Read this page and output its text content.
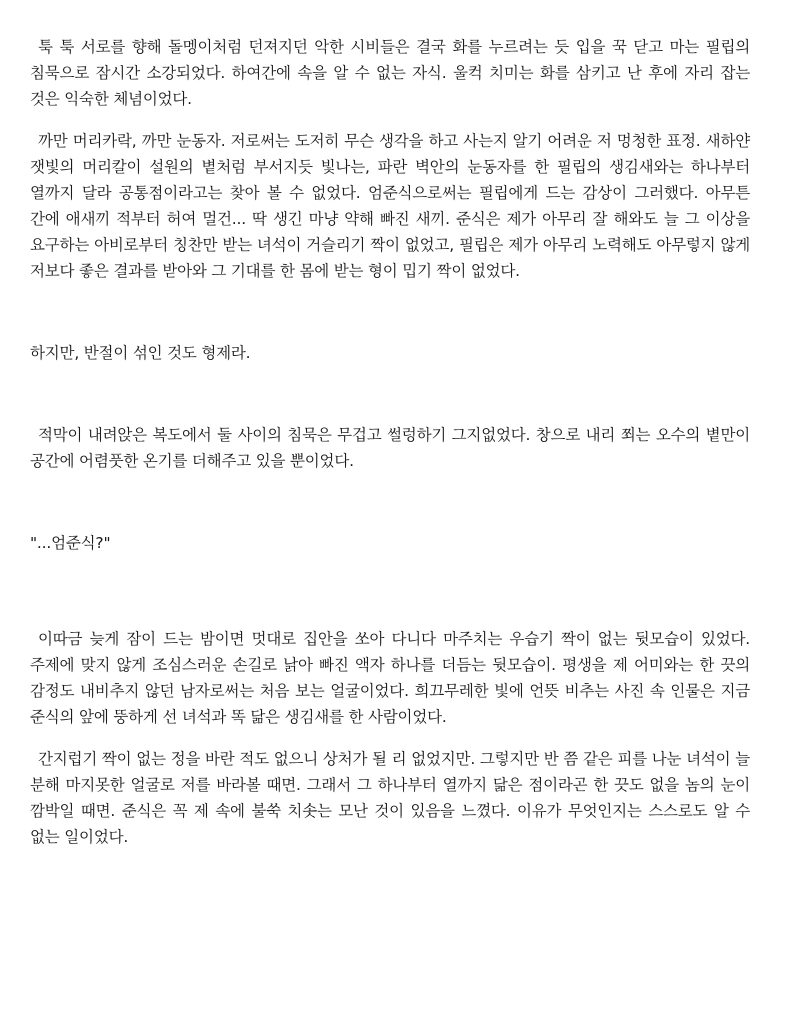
툭 툭 서로를 향해 돌멩이처럼 던져지던 악한 시비들은 결국 화를 누르려는 듯 입을 꾹 닫고 마는 필립의 침묵으로 잠시간 소강되었다. 하여간에 속을 알 수 없는 자식. 울컥 치미는 화를 삼키고 난 후에 자리 잡는 것은 익숙한 체념이었다.

까만 머리카락, 까만 눈동자. 저로써는 도저히 무슨 생각을 하고 사는지 알기 어려운 저 멍청한 표정. 새하얀 잿빛의 머리칼이 설원의 볕처럼 부서지듯 빛나는, 파란 벽안의 눈동자를 한 필립의 생김새와는 하나부터 열까지 달라 공통점이라고는 찾아 볼 수 없었다. 엄준식으로써는 필립에게 드는 감상이 그러했다. 아무튼 간에 애새끼 적부터 허여 멀건... 딱 생긴 마냥 약해 빠진 새끼. 준식은 제가 아무리 잘 해와도 늘 그 이상을 요구하는 아비로부터 칭찬만 받는 녀석이 거슬리기 짝이 없었고, 필립은 제가 아무리 노력해도 아무렇지 않게 저보다 좋은 결과를 받아와 그 기대를 한 몸에 받는 형이 밉기 짝이 없었다.

하지만, 반절이 섞인 것도 형제라.

적막이 내려앉은 복도에서 둘 사이의 침묵은 무겁고 썰렁하기 그지없었다. 창으로 내리 쬐는 오수의 볕만이 공간에 어렴풋한 온기를 더해주고 있을 뿐이었다.

"...엄준식?"

이따금 늦게 잠이 드는 밤이면 멋대로 집안을 쏘아 다니다 마주치는 우습기 짝이 없는 뒷모습이 있었다. 주제에 맞지 않게 조심스러운 손길로 낡아 빠진 액자 하나를 더듬는 뒷모습이. 평생을 제 어미와는 한 끗의 감정도 내비추지 않던 남자로써는 처음 보는 얼굴이었다. 희끄무레한 빛에 언뜻 비추는 사진 속 인물은 지금 준식의 앞에 뚱하게 선 녀석과 똑 닮은 생김새를 한 사람이었다.

간지럽기 짝이 없는 정을 바란 적도 없으니 상처가 될 리 없었지만. 그렇지만 반 쯤 같은 피를 나눈 녀석이 늘 분해 마지못한 얼굴로 저를 바라볼 때면. 그래서 그 하나부터 열까지 닮은 점이라곤 한 끗도 없을 놈의 눈이 깜박일 때면. 준식은 꼭 제 속에 불쑥 치솟는 모난 것이 있음을 느꼈다. 이유가 무엇인지는 스스로도 알 수 없는 일이었다.
